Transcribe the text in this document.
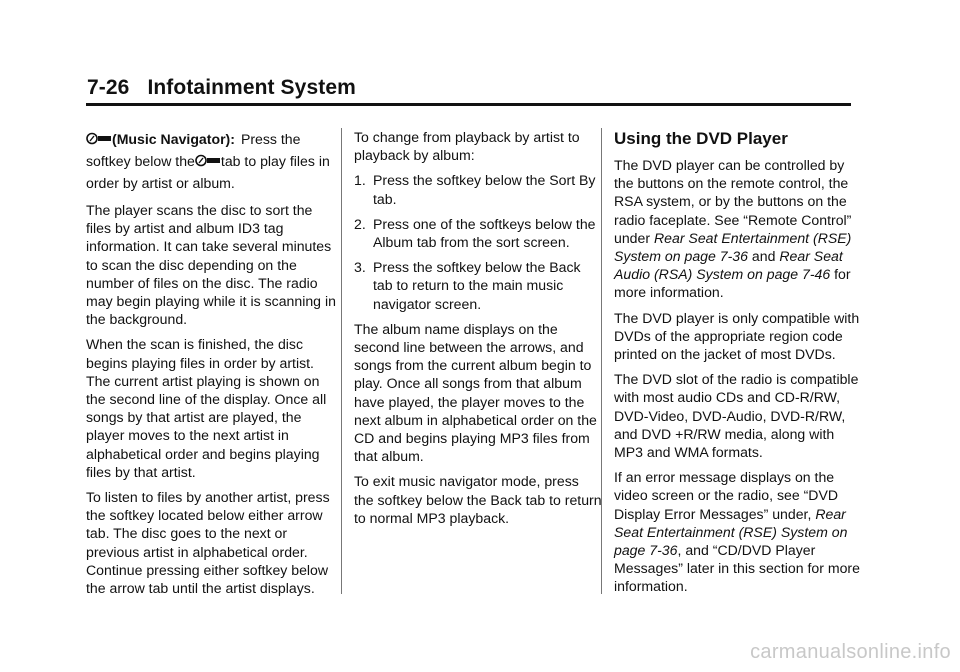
7-26 Infotainment System

(Music Navigator): Press the softkey below the tab to play files in order by artist or album.

The player scans the disc to sort the files by artist and album ID3 tag information. It can take several minutes to scan the disc depending on the number of files on the disc. The radio may begin playing while it is scanning in the background.

When the scan is finished, the disc begins playing files in order by artist. The current artist playing is shown on the second line of the display. Once all songs by that artist are played, the player moves to the next artist in alphabetical order and begins playing files by that artist.

To listen to files by another artist, press the softkey located below either arrow tab. The disc goes to the next or previous artist in alphabetical order. Continue pressing either softkey below the arrow tab until the artist displays.

To change from playback by artist to playback by album:

1. Press the softkey below the Sort By tab.
2. Press one of the softkeys below the Album tab from the sort screen.
3. Press the softkey below the Back tab to return to the main music navigator screen.

The album name displays on the second line between the arrows, and songs from the current album begin to play. Once all songs from that album have played, the player moves to the next album in alphabetical order on the CD and begins playing MP3 files from that album.

To exit music navigator mode, press the softkey below the Back tab to return to normal MP3 playback.

Using the DVD Player

The DVD player can be controlled by the buttons on the remote control, the RSA system, or by the buttons on the radio faceplate. See “Remote Control” under Rear Seat Entertainment (RSE) System on page 7-36 and Rear Seat Audio (RSA) System on page 7-46 for more information.

The DVD player is only compatible with DVDs of the appropriate region code printed on the jacket of most DVDs.

The DVD slot of the radio is compatible with most audio CDs and CD-R/RW, DVD-Video, DVD-Audio, DVD-R/RW, and DVD +R/RW media, along with MP3 and WMA formats.

If an error message displays on the video screen or the radio, see “DVD Display Error Messages” under, Rear Seat Entertainment (RSE) System on page 7-36, and “CD/DVD Player Messages” later in this section for more information.

carmanualsonline.info
